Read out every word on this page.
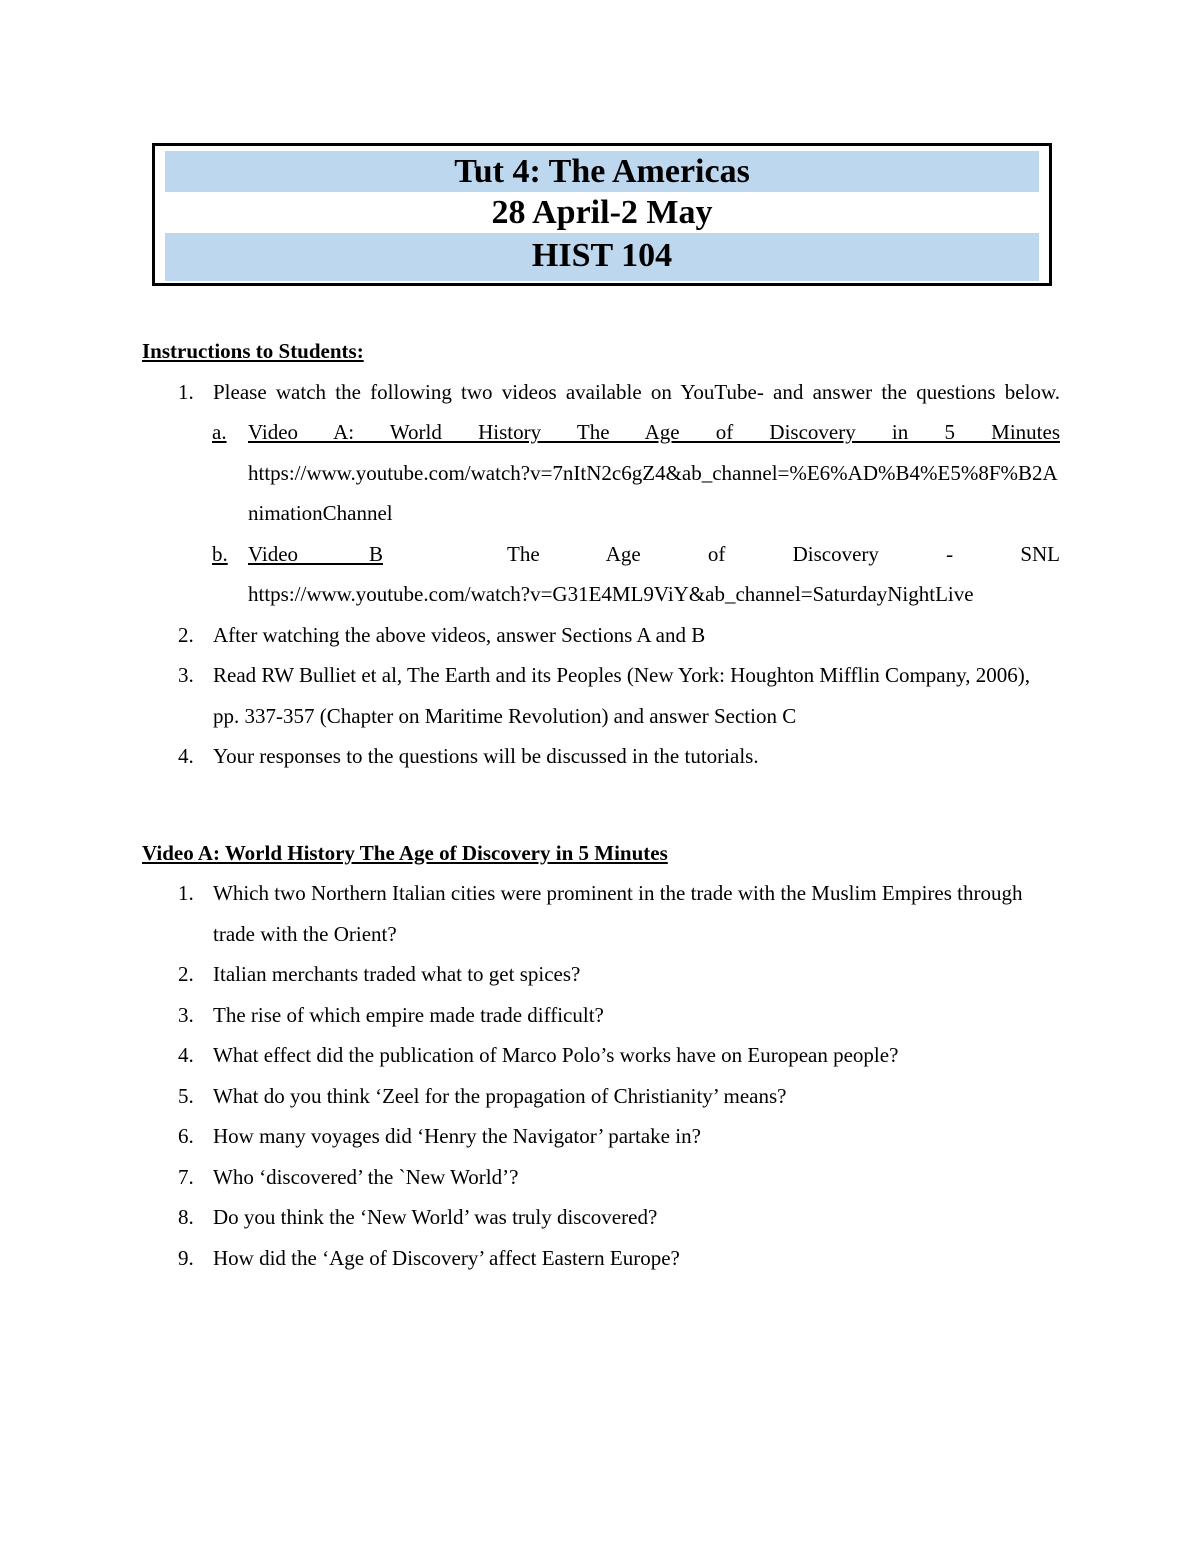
Tut 4: The Americas
28 April-2 May
HIST 104
Instructions to Students:
1. Please watch the following two videos available on YouTube- and answer the questions below.
a. Video A: World History The Age of Discovery in 5 Minutes
https://www.youtube.com/watch?v=7nItN2c6gZ4&ab_channel=%E6%AD%B4%E5%8F%B2AnimationChannel
b. Video B	The Age of Discovery - SNL
https://www.youtube.com/watch?v=G31E4ML9ViY&ab_channel=SaturdayNightLive
2. After watching the above videos, answer Sections A and B
3. Read RW Bulliet et al, The Earth and its Peoples (New York: Houghton Mifflin Company, 2006), pp. 337-357 (Chapter on Maritime Revolution) and answer Section C
4. Your responses to the questions will be discussed in the tutorials.
Video A: World History The Age of Discovery in 5 Minutes
1. Which two Northern Italian cities were prominent in the trade with the Muslim Empires through trade with the Orient?
2. Italian merchants traded what to get spices?
3. The rise of which empire made trade difficult?
4. What effect did the publication of Marco Polo’s works have on European people?
5. What do you think ‘Zeel for the propagation of Christianity’ means?
6. How many voyages did ‘Henry the Navigator’ partake in?
7. Who ‘discovered’ the `New World’?
8. Do you think the ‘New World’ was truly discovered?
9. How did the ‘Age of Discovery’ affect Eastern Europe?
